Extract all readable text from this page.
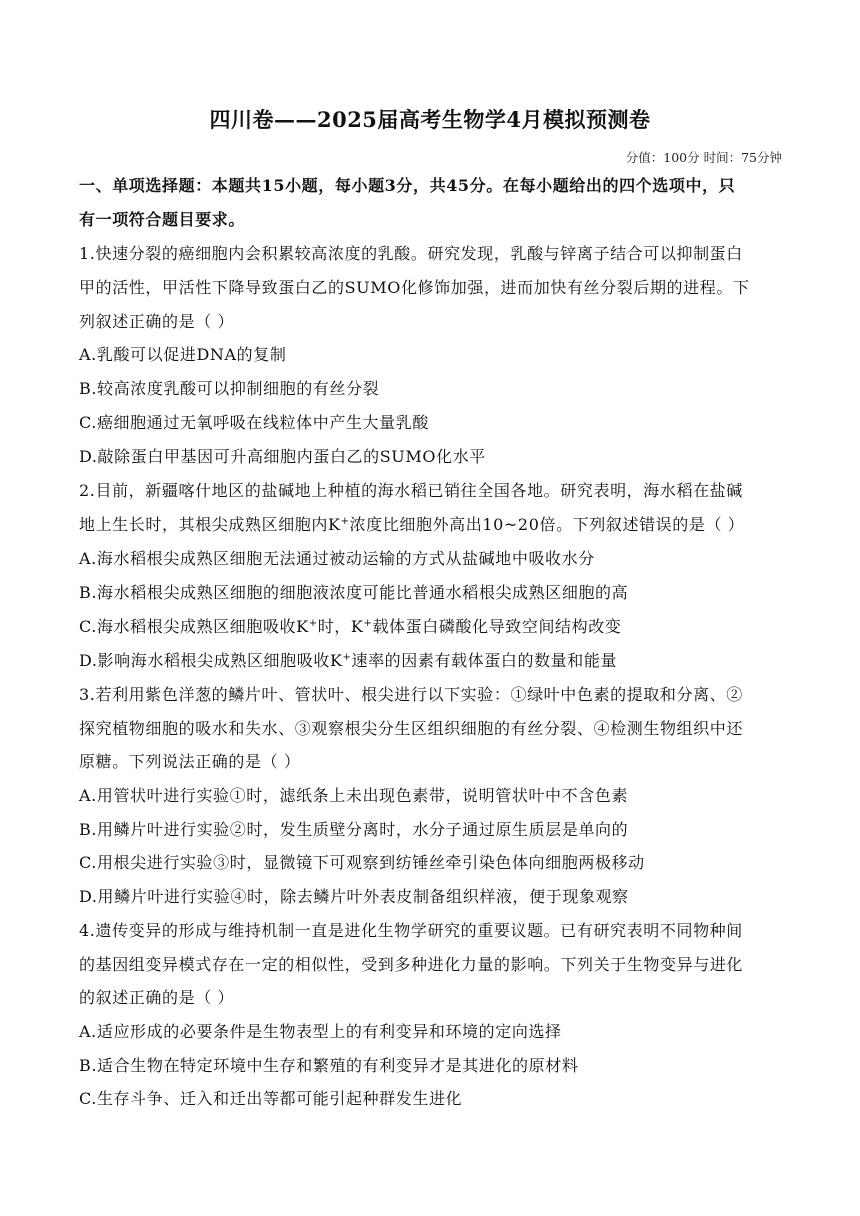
四川卷——2025届高考生物学4月模拟预测卷
分值：100分 时间：75分钟
一、单项选择题：本题共15小题，每小题3分，共45分。在每小题给出的四个选项中，只
有一项符合题目要求。
1.快速分裂的癌细胞内会积累较高浓度的乳酸。研究发现，乳酸与锌离子结合可以抑制蛋白
甲的活性，甲活性下降导致蛋白乙的SUMO化修饰加强，进而加快有丝分裂后期的进程。下
列叙述正确的是（ ）
A.乳酸可以促进DNA的复制
B.较高浓度乳酸可以抑制细胞的有丝分裂
C.癌细胞通过无氧呼吸在线粒体中产生大量乳酸
D.敲除蛋白甲基因可升高细胞内蛋白乙的SUMO化水平
2.目前，新疆喀什地区的盐碱地上种植的海水稻已销往全国各地。研究表明，海水稻在盐碱
地上生长时，其根尖成熟区细胞内K+浓度比细胞外高出10~20倍。下列叙述错误的是（ ）
A.海水稻根尖成熟区细胞无法通过被动运输的方式从盐碱地中吸收水分
B.海水稻根尖成熟区细胞的细胞液浓度可能比普通水稻根尖成熟区细胞的高
C.海水稻根尖成熟区细胞吸收K+时，K+载体蛋白磷酸化导致空间结构改变
D.影响海水稻根尖成熟区细胞吸收K+速率的因素有载体蛋白的数量和能量
3.若利用紫色洋葱的鳞片叶、管状叶、根尖进行以下实验：①绿叶中色素的提取和分离、②
探究植物细胞的吸水和失水、③观察根尖分生区组织细胞的有丝分裂、④检测生物组织中还
原糖。下列说法正确的是（ ）
A.用管状叶进行实验①时，滤纸条上未出现色素带，说明管状叶中不含色素
B.用鳞片叶进行实验②时，发生质壁分离时，水分子通过原生质层是单向的
C.用根尖进行实验③时，显微镜下可观察到纺锤丝牵引染色体向细胞两极移动
D.用鳞片叶进行实验④时，除去鳞片叶外表皮制备组织样液，便于现象观察
4.遗传变异的形成与维持机制一直是进化生物学研究的重要议题。已有研究表明不同物种间
的基因组变异模式存在一定的相似性，受到多种进化力量的影响。下列关于生物变异与进化
的叙述正确的是（ ）
A.适应形成的必要条件是生物表型上的有利变异和环境的定向选择
B.适合生物在特定环境中生存和繁殖的有利变异才是其进化的原材料
C.生存斗争、迁入和迁出等都可能引起种群发生进化
